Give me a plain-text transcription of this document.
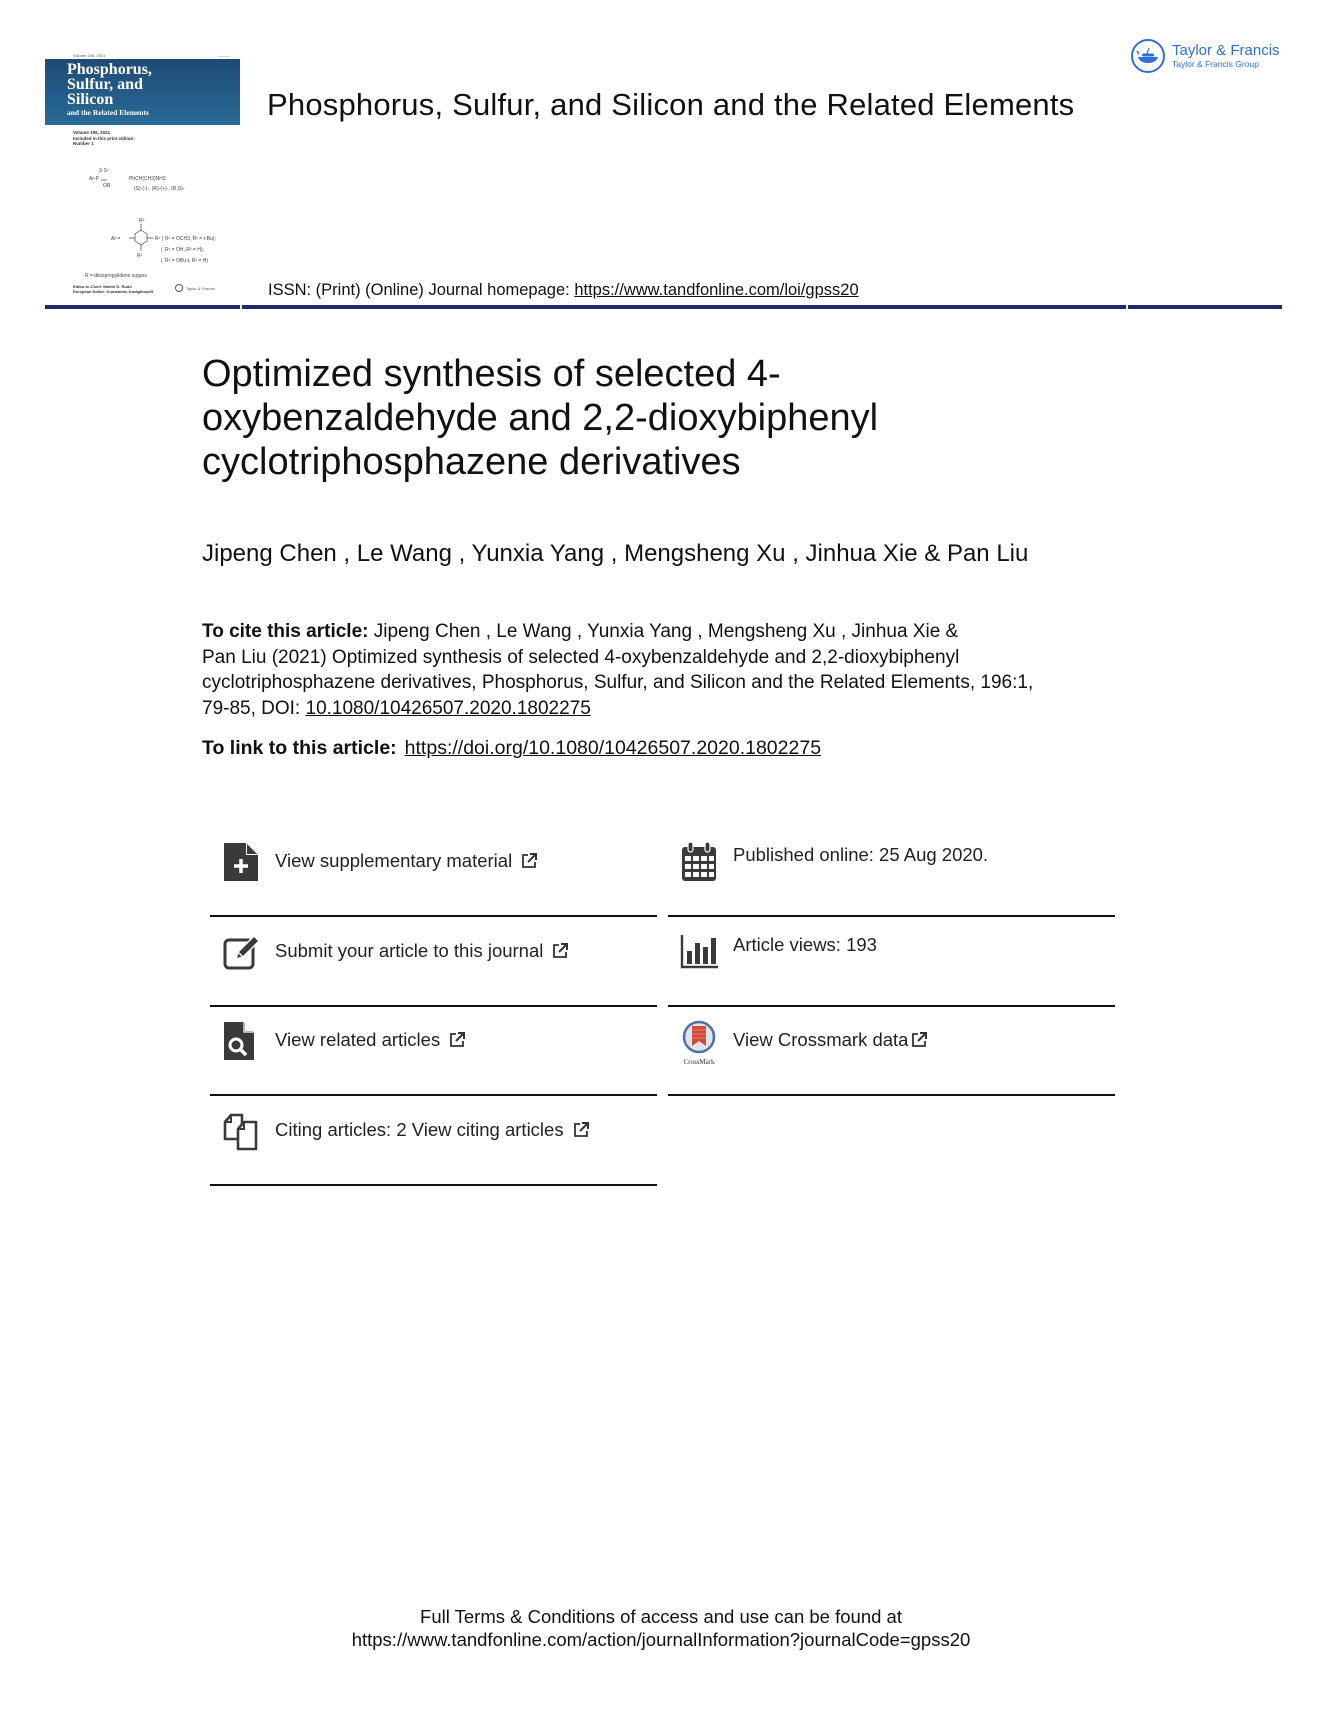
Volume 196, 2021	———
Phosphorus,
Sulfur, and
Silicon
and the Related Elements
Volume 196, 2021
Included in this print edition:
Number 1
Ar-P
S S⁻
OR
PhCH(CH3)NH3
(S)-(-)-, (R)-(+)-, (R,S)-
Ar =
R²
R²
R¹ ( R¹ = OCH3, R² = t-Bu);
( R¹ = OH, R² = H);
( R¹ = OBu-t, R² = H)
R = diisopropylidene sugars
Editor-in-Chief: Martin D. Rudd
European Editor: Konstantin Karaghiosoff
Taylor & Francis
Phosphorus, Sulfur, and Silicon and the Related Elements
Taylor & Francis
Taylor & Francis Group
ISSN: (Print) (Online) Journal homepage: https://www.tandfonline.com/loi/gpss20
Optimized synthesis of selected 4-
oxybenzaldehyde and 2,2-dioxybiphenyl
cyclotriphosphazene derivatives
Jipeng Chen , Le Wang , Yunxia Yang , Mengsheng Xu , Jinhua Xie & Pan Liu
To cite this article: Jipeng Chen , Le Wang , Yunxia Yang , Mengsheng Xu , Jinhua Xie &
Pan Liu (2021) Optimized synthesis of selected 4-oxybenzaldehyde and 2,2-dioxybiphenyl
cyclotriphosphazene derivatives, Phosphorus, Sulfur, and Silicon and the Related Elements, 196:1,
79-85, DOI: 10.1080/10426507.2020.1802275
To link to this article: https://doi.org/10.1080/10426507.2020.1802275
View supplementary material
Submit your article to this journal
View related articles
Citing articles: 2 View citing articles
Published online: 25 Aug 2020.
Article views: 193
CrossMark
View Crossmark data
Full Terms & Conditions of access and use can be found at
https://www.tandfonline.com/action/journalInformation?journalCode=gpss20
